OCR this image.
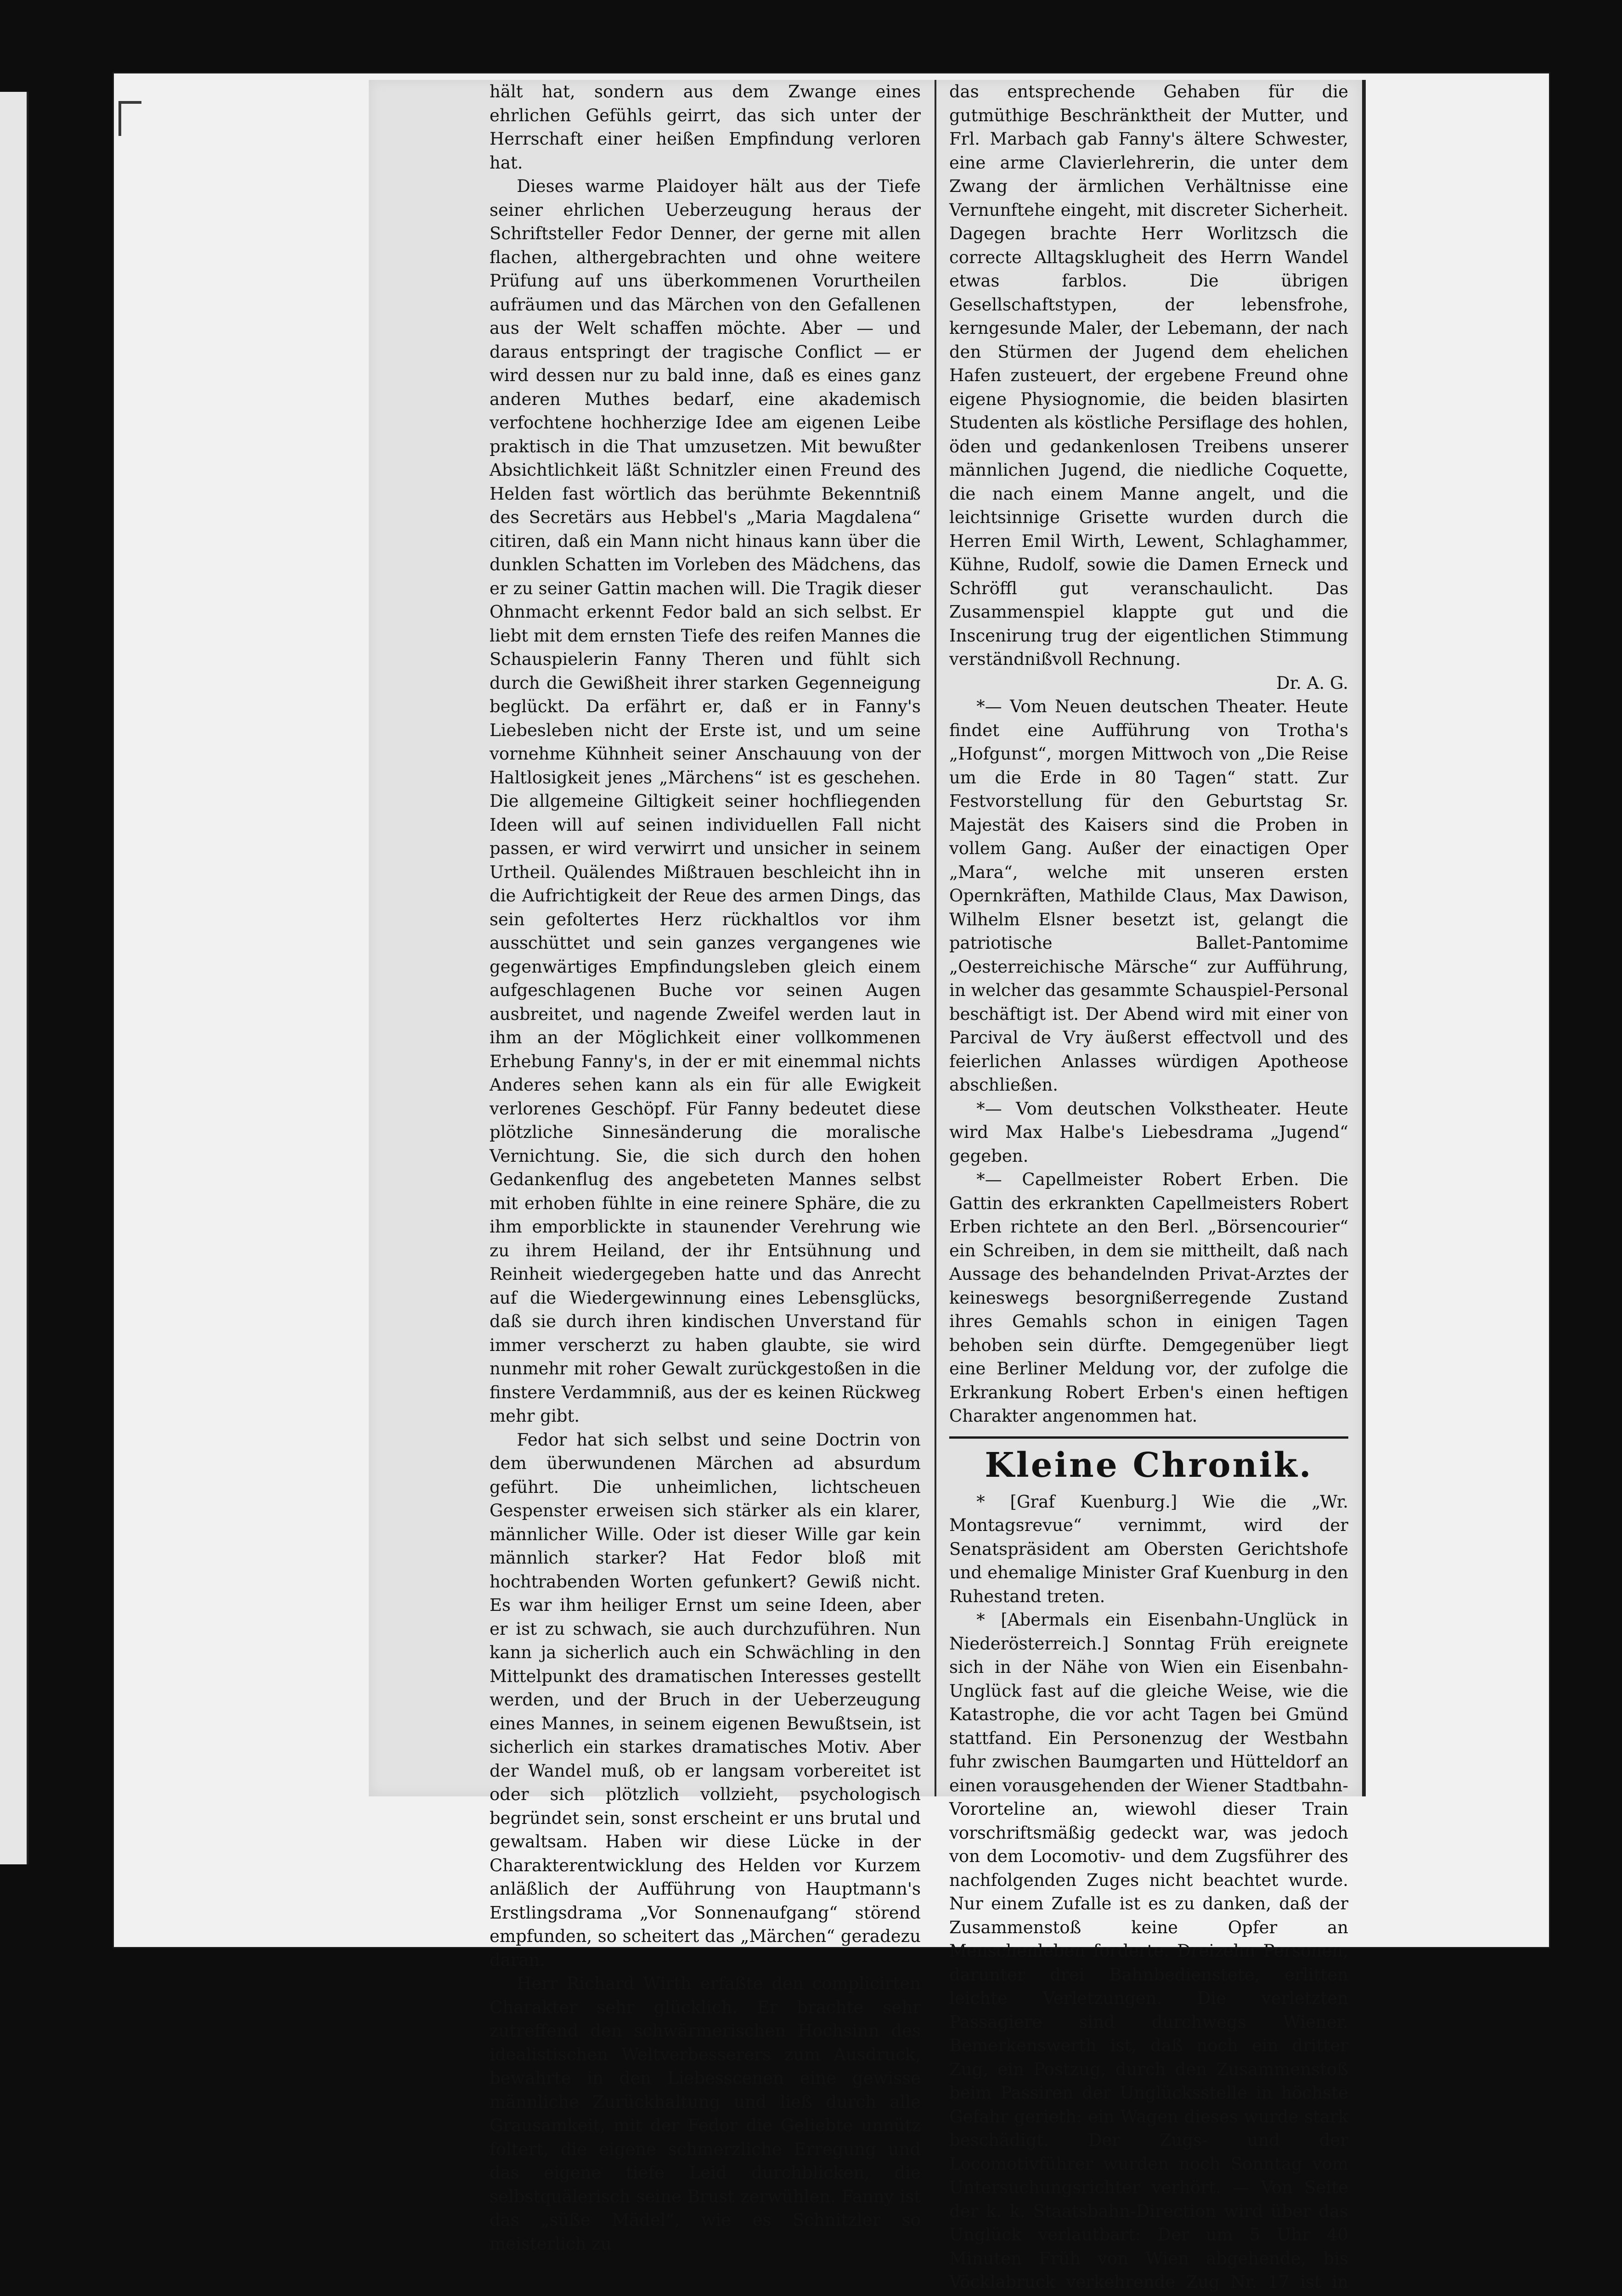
hält hat, sondern aus dem Zwange eines ehrlichen Gefühls geirrt, das sich unter der Herrschaft einer heißen Empfindung verloren hat.

Dieses warme Plaidoyer hält aus der Tiefe seiner ehrlichen Ueberzeugung heraus der Schriftsteller Fedor Denner, der gerne mit allen flachen, althergebrachten und ohne weitere Prüfung auf uns überkommenen Vorurtheilen aufräumen und das Märchen von den Gefallenen aus der Welt schaffen möchte. Aber — und daraus entspringt der tragische Conflict — er wird dessen nur zu bald inne, daß es eines ganz anderen Muthes bedarf, eine akademisch verfochtene hochherzige Idee am eigenen Leibe praktisch in die That umzusetzen. Mit bewußter Absichtlichkeit läßt Schnitzler einen Freund des Helden fast wörtlich das berühmte Bekenntniß des Secretärs aus Hebbel's „Maria Magdalena“ citiren, daß ein Mann nicht hinaus kann über die dunklen Schatten im Vorleben des Mädchens, das er zu seiner Gattin machen will. Die Tragik dieser Ohnmacht erkennt Fedor bald an sich selbst. Er liebt mit dem ernsten Tiefe des reifen Mannes die Schauspielerin Fanny Theren und fühlt sich durch die Gewißheit ihrer starken Gegenneigung beglückt. Da erfährt er, daß er in Fanny's Liebesleben nicht der Erste ist, und um seine vornehme Kühnheit seiner Anschauung von der Haltlosigkeit jenes „Märchens“ ist es geschehen. Die allgemeine Giltigkeit seiner hochfliegenden Ideen will auf seinen individuellen Fall nicht passen, er wird verwirrt und unsicher in seinem Urtheil. Quälendes Mißtrauen beschleicht ihn in die Aufrichtigkeit der Reue des armen Dings, das sein gefoltertes Herz rückhaltlos vor ihm ausschüttet und sein ganzes vergangenes wie gegenwärtiges Empfindungsleben gleich einem aufgeschlagenen Buche vor seinen Augen ausbreitet, und nagende Zweifel werden laut in ihm an der Möglichkeit einer vollkommenen Erhebung Fanny's, in der er mit einemmal nichts Anderes sehen kann als ein für alle Ewigkeit verlorenes Geschöpf. Für Fanny bedeutet diese plötzliche Sinnesänderung die moralische Vernichtung. Sie, die sich durch den hohen Gedankenflug des angebeteten Mannes selbst mit erhoben fühlte in eine reinere Sphäre, die zu ihm emporblickte in staunender Verehrung wie zu ihrem Heiland, der ihr Entsühnung und Reinheit wiedergegeben hatte und das Anrecht auf die Wiedergewinnung eines Lebensglücks, daß sie durch ihren kindischen Unverstand für immer verscherzt zu haben glaubte, sie wird nunmehr mit roher Gewalt zurückgestoßen in die finstere Verdammniß, aus der es keinen Rückweg mehr gibt.

Fedor hat sich selbst und seine Doctrin von dem überwundenen Märchen ad absurdum geführt. Die unheimlichen, lichtscheuen Gespenster erweisen sich stärker als ein klarer, männlicher Wille. Oder ist dieser Wille gar kein männlich starker? Hat Fedor bloß mit hochtrabenden Worten gefunkert? Gewiß nicht. Es war ihm heiliger Ernst um seine Ideen, aber er ist zu schwach, sie auch durchzuführen. Nun kann ja sicherlich auch ein Schwächling in den Mittelpunkt des dramatischen Interesses gestellt werden, und der Bruch in der Ueberzeugung eines Mannes, in seinem eigenen Bewußtsein, ist sicherlich ein starkes dramatisches Motiv. Aber der Wandel muß, ob er langsam vorbereitet ist oder sich plötzlich vollzieht, psychologisch begründet sein, sonst erscheint er uns brutal und gewaltsam. Haben wir diese Lücke in der Charakterentwicklung des Helden vor Kurzem anläßlich der Aufführung von Hauptmann's Erstlingsdrama „Vor Sonnenaufgang“ störend empfunden, so scheitert das „Märchen“ geradezu daran.

Herr Richard Wirth erfaßte den complicirten Charakter sehr glücklich. Er brachte sehr zutreffend den schwärmerischen Hochsinn des idealistischen Weltverbesserers zum Ausdruck, bewahrte in den Liebesscenen eine gewisse männliche Zurückhaltung und ließ durch alle Grausamkeit, mit der Fedor die Geliebte unnütz foltert, die eigene schmerzliche Erregung und das eigene tiefe Leid durchblicken, die selbstquälerisch seine Brust zerwühlen. Fanny ist das „süße Mädel“, wie es Schnitzler so meisterlich zu

das entsprechende Gehaben für die gutmüthige Beschränktheit der Mutter, und Frl. Marbach gab Fanny's ältere Schwester, eine arme Clavierlehrerin, die unter dem Zwang der ärmlichen Verhältnisse eine Vernunftehe eingeht, mit discreter Sicherheit. Dagegen brachte Herr Worlitzsch die correcte Alltagsklugheit des Herrn Wandel etwas farblos. Die übrigen Gesellschaftstypen, der lebensfrohe, kerngesunde Maler, der Lebemann, der nach den Stürmen der Jugend dem ehelichen Hafen zusteuert, der ergebene Freund ohne eigene Physiognomie, die beiden blasirten Studenten als köstliche Persiflage des hohlen, öden und gedankenlosen Treibens unserer männlichen Jugend, die niedliche Coquette, die nach einem Manne angelt, und die leichtsinnige Grisette wurden durch die Herren Emil Wirth, Lewent, Schlaghammer, Kühne, Rudolf, sowie die Damen Erneck und Schröffl gut veranschaulicht. Das Zusammenspiel klappte gut und die Inscenirung trug der eigentlichen Stimmung verständnißvoll Rechnung.

Dr. A. G.

*— Vom Neuen deutschen Theater. Heute findet eine Aufführung von Trotha's „Hofgunst“, morgen Mittwoch von „Die Reise um die Erde in 80 Tagen“ statt. Zur Festvorstellung für den Geburtstag Sr. Majestät des Kaisers sind die Proben in vollem Gang. Außer der einactigen Oper „Mara“, welche mit unseren ersten Opernkräften, Mathilde Claus, Max Dawison, Wilhelm Elsner besetzt ist, gelangt die patriotische Ballet-Pantomime „Oesterreichische Märsche“ zur Aufführung, in welcher das gesammte Schauspiel-Personal beschäftigt ist. Der Abend wird mit einer von Parcival de Vry äußerst effectvoll und des feierlichen Anlasses würdigen Apotheose abschließen.

*— Vom deutschen Volkstheater. Heute wird Max Halbe's Liebesdrama „Jugend“ gegeben.

*— Capellmeister Robert Erben. Die Gattin des erkrankten Capellmeisters Robert Erben richtete an den Berl. „Börsencourier“ ein Schreiben, in dem sie mittheilt, daß nach Aussage des behandelnden Privat-Arztes der keineswegs besorgnißerregende Zustand ihres Gemahls schon in einigen Tagen behoben sein dürfte. Demgegenüber liegt eine Berliner Meldung vor, der zufolge die Erkrankung Robert Erben's einen heftigen Charakter angenommen hat.

Kleine Chronik.

* [Graf Kuenburg.] Wie die „Wr. Montagsrevue“ vernimmt, wird der Senatspräsident am Obersten Gerichtshofe und ehemalige Minister Graf Kuenburg in den Ruhestand treten.

* [Abermals ein Eisenbahn-Unglück in Niederösterreich.] Sonntag Früh ereignete sich in der Nähe von Wien ein Eisenbahn-Unglück fast auf die gleiche Weise, wie die Katastrophe, die vor acht Tagen bei Gmünd stattfand. Ein Personenzug der Westbahn fuhr zwischen Baumgarten und Hütteldorf an einen vorausgehenden der Wiener Stadtbahn-Vororteline an, wiewohl dieser Train vorschriftsmäßig gedeckt war, was jedoch von dem Locomotiv- und dem Zugsführer des nachfolgenden Zuges nicht beachtet wurde. Nur einem Zufalle ist es zu danken, daß der Zusammenstoß keine Opfer an Menschenleben forderte. Dreizehn Personen, darunter drei Bahnbedienstete, erlitten leichte Verletzungen. Die verletzten Passagiere sind durchwegs Wiener. Bemerkenswerth ist, daß noch ein dritter Zug, ein Postzug, durch den Zusammenstoß beim Passiren der Unglücksstelle in höchste Gefahr gerieth: ein Wagen dieses wurde stark beschädigt. Der Zugs- und der Locomotivführer wurden noch Sonntag vom Untersuchungsrichter verhört. — Von Seite der k. k. Staatsbahn-Direction wird über das Unglück verlautbart: Der um 5 Uhr 40 Minuten Früh von Wien abgehende, bis Vöcklabruck verkehrende Zug Nr. 17 ist in
